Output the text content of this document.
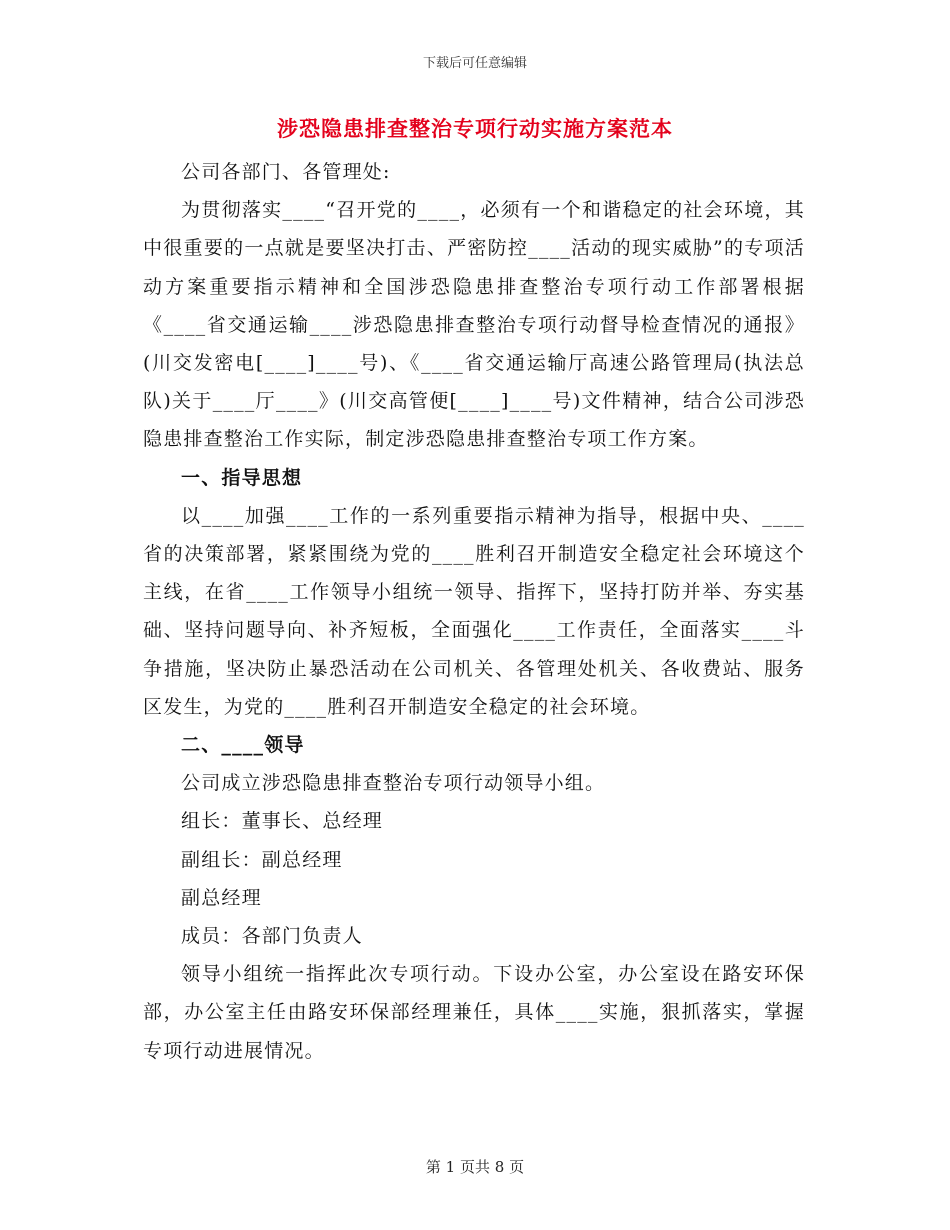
下载后可任意编辑
涉恐隐患排查整治专项行动实施方案范本

公司各部门、各管理处:

为贯彻落实____“召开党的____，必须有一个和谐稳定的社会环境，其中很重要的一点就是要坚决打击、严密防控____活动的现实威胁”的专项活动方案重要指示精神和全国涉恐隐患排查整治专项行动工作部署根据《____省交通运输____涉恐隐患排查整治专项行动督导检查情况的通报》(川交发密电[____]____号)、《____省交通运输厅高速公路管理局(执法总队)关于____厅____》(川交高管便[____]____号)文件精神，结合公司涉恐隐患排查整治工作实际，制定涉恐隐患排查整治专项工作方案。

一、指导思想

以____加强____工作的一系列重要指示精神为指导，根据中央、____省的决策部署，紧紧围绕为党的____胜利召开制造安全稳定社会环境这个主线，在省____工作领导小组统一领导、指挥下，坚持打防并举、夯实基础、坚持问题导向、补齐短板，全面强化____工作责任，全面落实____斗争措施，坚决防止暴恐活动在公司机关、各管理处机关、各收费站、服务区发生，为党的____胜利召开制造安全稳定的社会环境。

二、____领导

公司成立涉恐隐患排查整治专项行动领导小组。

组长：董事长、总经理

副组长：副总经理

副总经理

成员：各部门负责人

领导小组统一指挥此次专项行动。下设办公室，办公室设在路安环保部，办公室主任由路安环保部经理兼任，具体____实施，狠抓落实，掌握专项行动进展情况。

第 1 页共 8 页
